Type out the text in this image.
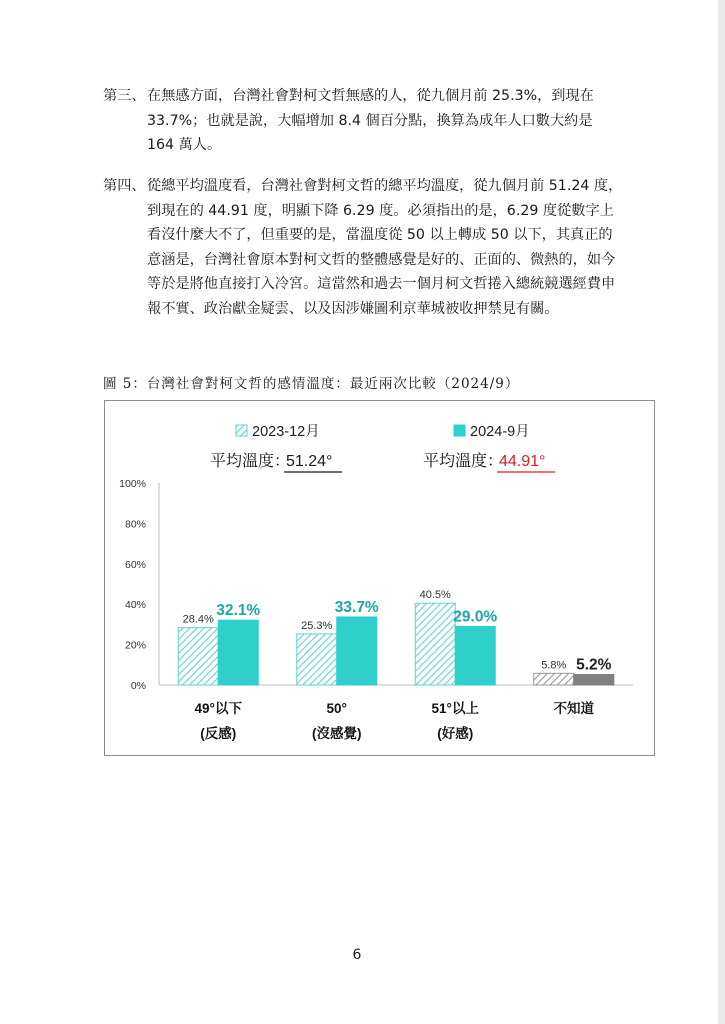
第三、 在無感方面，台灣社會對柯文哲無感的人，從九個月前 25.3%，到現在 33.7%；也就是說，大幅增加 8.4 個百分點，換算為成年人口數大約是 164 萬人。
第四、 從總平均溫度看，台灣社會對柯文哲的總平均溫度，從九個月前 51.24 度，到現在的 44.91 度，明顯下降 6.29 度。必須指出的是，6.29 度從數字上看沒什麼大不了，但重要的是，當溫度從 50 以上轉成 50 以下，其真正的意涵是，台灣社會原本對柯文哲的整體感覺是好的、正面的、微熱的，如今等於是將他直接打入冷宮。這當然和過去一個月柯文哲捲入總統競選經費申報不實、政治獻金疑雲、以及因涉嫌圖利京華城被收押禁見有關。
圖 5：台灣社會對柯文哲的感情溫度：最近兩次比較（2024/9）
2023-12月	2024-9月
平均溫度：
51.24°	平均溫度：
44.91°
0%
20%
40%
60%
80%
100%
28.4%
32.1%
49°以下
(反感)
25.3%
33.7%
50°
(沒感覺)
40.5%
29.0%
51°以上
(好感)
5.8% 5.2%
不知道
6
